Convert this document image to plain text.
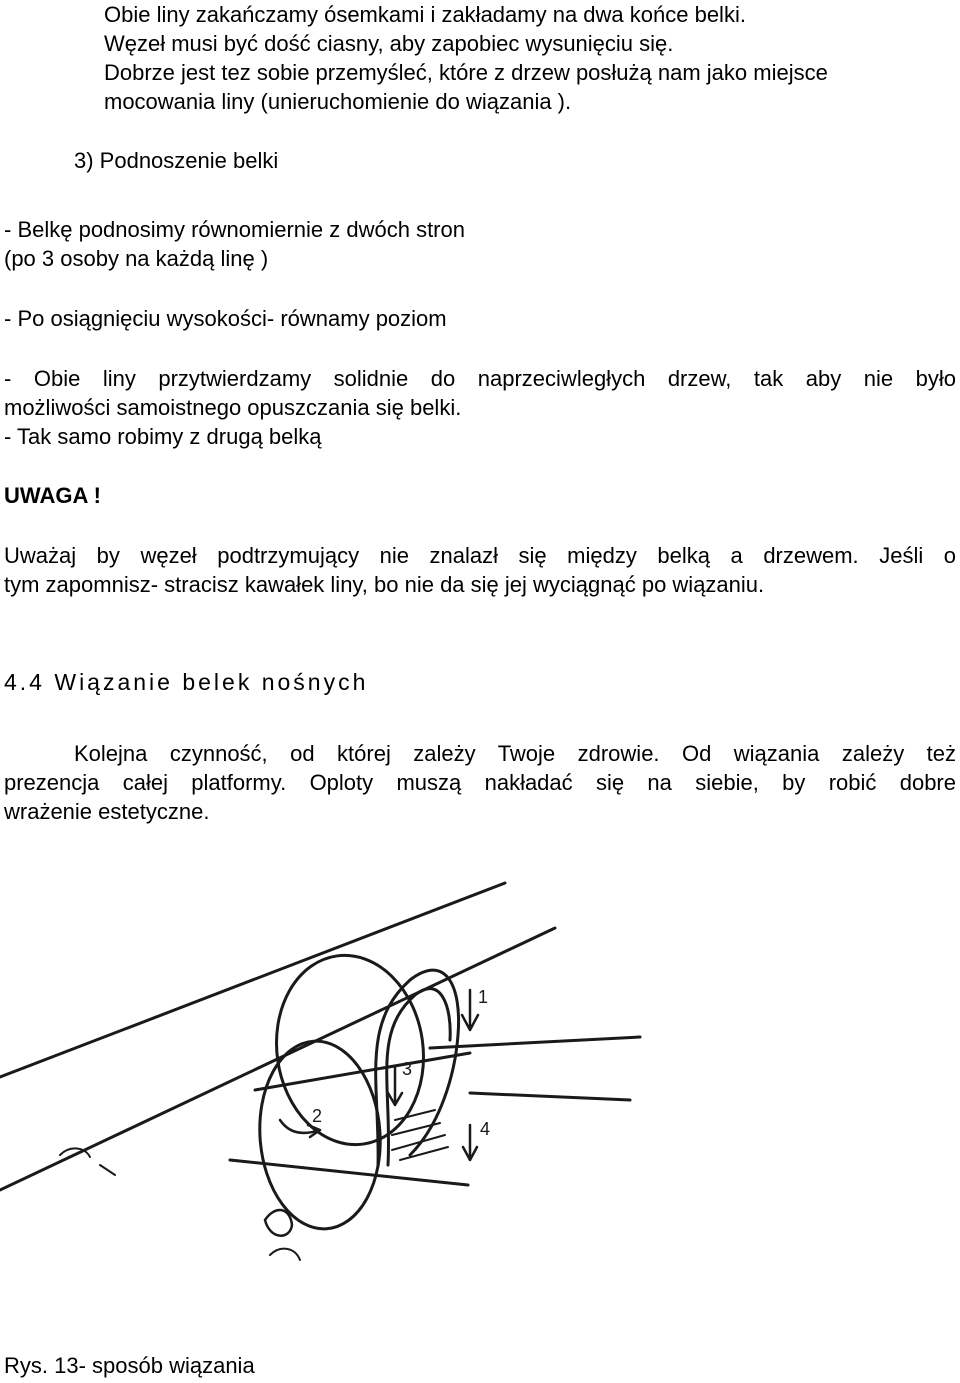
Obie liny zakańczamy ósemkami i zakładamy na dwa końce belki.
Węzeł musi być dość ciasny, aby zapobiec wysunięciu się.
Dobrze jest tez sobie przemyśleć, które z drzew posłużą nam jako miejsce
mocowania liny (unieruchomienie do wiązania ).
3) Podnoszenie belki
- Belkę podnosimy równomiernie z dwóch stron
(po 3 osoby na każdą linę )
- Po osiągnięciu wysokości- równamy poziom
- Obie liny przytwierdzamy solidnie do naprzeciwległych drzew, tak aby nie było
możliwości samoistnego opuszczania się belki.
- Tak samo robimy z drugą belką
UWAGA !
Uważaj by węzeł podtrzymujący nie znalazł się między belką a drzewem. Jeśli o
tym zapomnisz- stracisz kawałek liny, bo nie da się jej wyciągnąć po wiązaniu.
4.4 Wiązanie belek nośnych
Kolejna czynność, od której zależy Twoje zdrowie. Od wiązania zależy też
prezencja całej platformy. Oploty muszą nakładać się na siebie, by robić dobre
wrażenie estetyczne.
1
2
3
4
Rys. 13- sposób wiązania
